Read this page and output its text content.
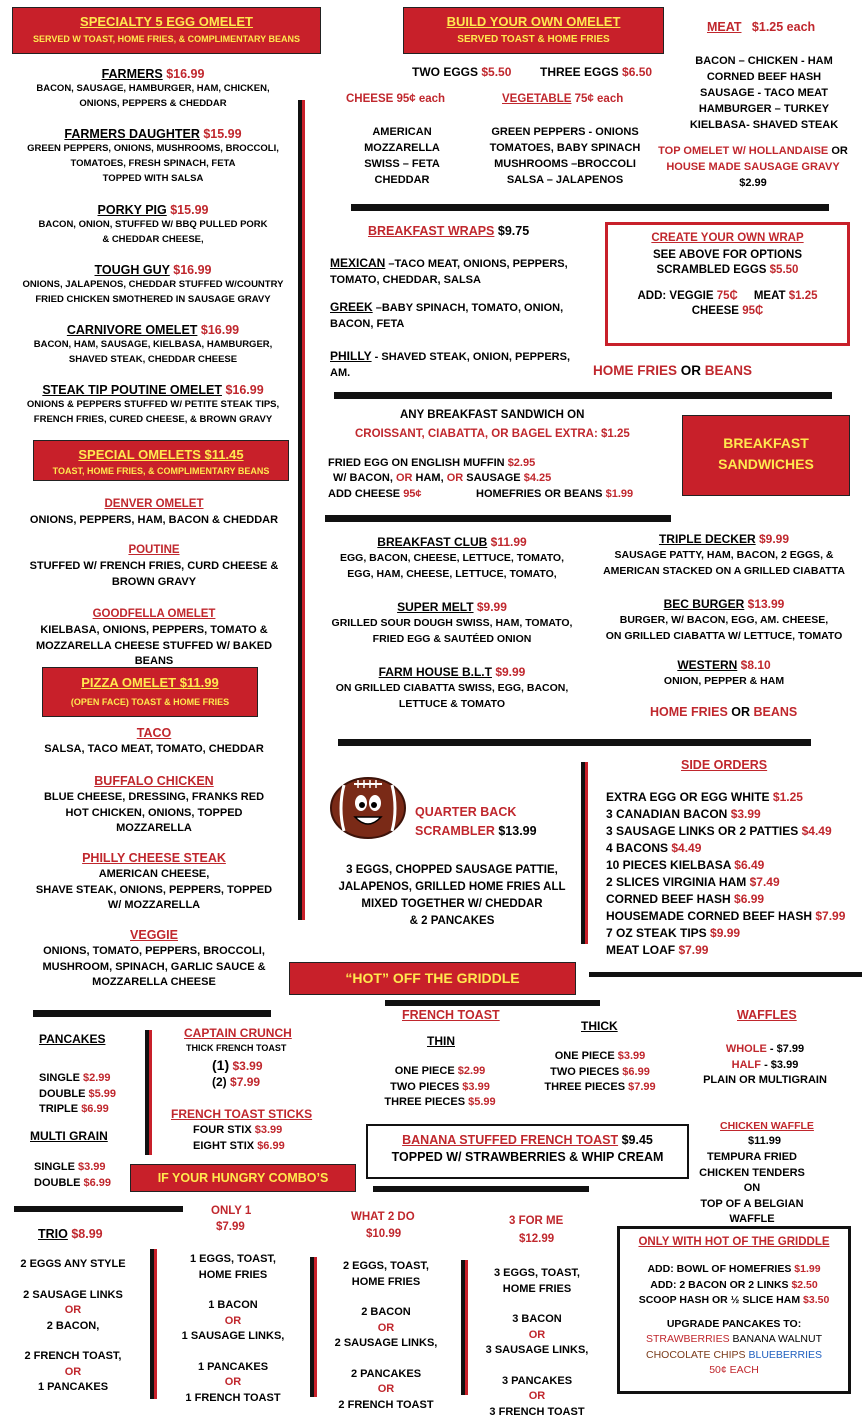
SPECIALTY 5 EGG OMELET
SERVED W TOAST, HOME FRIES, & COMPLIMENTARY BEANS
FARMERS $16.99
BACON, SAUSAGE, HAMBURGER, HAM, CHICKEN,
ONIONS, PEPPERS & CHEDDAR
FARMERS DAUGHTER $15.99
GREEN PEPPERS, ONIONS, MUSHROOMS, BROCCOLI,
TOMATOES, FRESH SPINACH, FETA
TOPPED WITH SALSA
PORKY PIG $15.99
BACON, ONION, STUFFED W/ BBQ PULLED PORK
& CHEDDAR CHEESE,
TOUGH GUY $16.99
ONIONS, JALAPENOS, CHEDDAR STUFFED W/COUNTRY
FRIED CHICKEN SMOTHERED IN SAUSAGE GRAVY
CARNIVORE OMELET $16.99
BACON, HAM, SAUSAGE, KIELBASA, HAMBURGER,
SHAVED STEAK, CHEDDAR CHEESE
STEAK TIP POUTINE OMELET $16.99
ONIONS & PEPPERS STUFFED W/ PETITE STEAK TIPS,
FRENCH FRIES, CURED CHEESE, & BROWN GRAVY
SPECIAL OMELETS $11.45
TOAST, HOME FRIES, & COMPLIMENTARY BEANS
DENVER OMELET
ONIONS, PEPPERS, HAM, BACON & CHEDDAR
POUTINE
STUFFED W/ FRENCH FRIES, CURD CHEESE &
BROWN GRAVY
GOODFELLA OMELET
KIELBASA, ONIONS, PEPPERS, TOMATO &
MOZZARELLA CHEESE STUFFED W/ BAKED BEANS
PIZZA OMELET $11.99
(OPEN FACE) TOAST & HOME FRIES
TACO
SALSA, TACO MEAT, TOMATO, CHEDDAR
BUFFALO CHICKEN
BLUE CHEESE, DRESSING, FRANKS RED
HOT CHICKEN, ONIONS, TOPPED
MOZZARELLA
PHILLY CHEESE STEAK
AMERICAN CHEESE,
SHAVE STEAK, ONIONS, PEPPERS, TOPPED
W/ MOZZARELLA
VEGGIE
ONIONS, TOMATO, PEPPERS, BROCCOLI,
MUSHROOM, SPINACH, GARLIC SAUCE &
MOZZARELLA CHEESE
BUILD YOUR OWN OMELET
SERVED TOAST & HOME FRIES
TWO EGGS $5.50 THREE EGGS $6.50
CHEESE 95¢ each	VEGETABLE 75¢ each
AMERICAN
MOZZARELLA
SWISS – FETA
CHEDDAR
GREEN PEPPERS - ONIONS
TOMATOES, BABY SPINACH
MUSHROOMS –BROCCOLI
SALSA – JALAPENOS
MEAT $1.25 each
BACON – CHICKEN - HAM
CORNED BEEF HASH
SAUSAGE - TACO MEAT
HAMBURGER – TURKEY
KIELBASA- SHAVED STEAK
TOP OMELET W/ HOLLANDAISE OR
HOUSE MADE SAUSAGE GRAVY
$2.99
BREAKFAST WRAPS $9.75
MEXICAN –TACO MEAT, ONIONS, PEPPERS,
TOMATO, CHEDDAR, SALSA
GREEK –BABY SPINACH, TOMATO, ONION,
BACON, FETA
PHILLY - SHAVED STEAK, ONION, PEPPERS,
AM.
CREATE YOUR OWN WRAP
SEE ABOVE FOR OPTIONS
SCRAMBLED EGGS $5.50
ADD: VEGGIE 75₵ MEAT $1.25
CHEESE 95₵
HOME FRIES OR BEANS
ANY BREAKFAST SANDWICH ON
CROISSANT, CIABATTA, OR BAGEL EXTRA: $1.25
BREAKFAST
SANDWICHES
FRIED EGG ON ENGLISH MUFFIN $2.95
W/ BACON, OR HAM, OR SAUSAGE $4.25
ADD CHEESE 95¢	HOMEFRIES OR BEANS $1.99
BREAKFAST CLUB $11.99
EGG, BACON, CHEESE, LETTUCE, TOMATO,
EGG, HAM, CHEESE, LETTUCE, TOMATO,
SUPER MELT $9.99
GRILLED SOUR DOUGH SWISS, HAM, TOMATO,
FRIED EGG & SAUTÉED ONION
FARM HOUSE B.L.T $9.99
ON GRILLED CIABATTA SWISS, EGG, BACON,
LETTUCE & TOMATO
TRIPLE DECKER $9.99
SAUSAGE PATTY, HAM, BACON, 2 EGGS, &
AMERICAN STACKED ON A GRILLED CIABATTA
BEC BURGER $13.99
BURGER, W/ BACON, EGG, AM. CHEESE,
ON GRILLED CIABATTA W/ LETTUCE, TOMATO
WESTERN $8.10
ONION, PEPPER & HAM
HOME FRIES OR BEANS
QUARTER BACK
SCRAMBLER $13.99
3 EGGS, CHOPPED SAUSAGE PATTIE,
JALAPENOS, GRILLED HOME FRIES ALL
MIXED TOGETHER W/ CHEDDAR
& 2 PANCAKES
SIDE ORDERS
EXTRA EGG OR EGG WHITE $1.25
3 CANADIAN BACON $3.99
3 SAUSAGE LINKS OR 2 PATTIES $4.49
4 BACONS $4.49
10 PIECES KIELBASA $6.49
2 SLICES VIRGINIA HAM $7.49
CORNED BEEF HASH $6.99
HOUSEMADE CORNED BEEF HASH $7.99
7 OZ STEAK TIPS $9.99
MEAT LOAF $7.99
“HOT” OFF THE GRIDDLE
PANCAKES
SINGLE $2.99
DOUBLE $5.99
TRIPLE $6.99
MULTI GRAIN
SINGLE $3.99
DOUBLE $6.99
CAPTAIN CRUNCH
THICK FRENCH TOAST
(1) $3.99
(2) $7.99
FRENCH TOAST STICKS
FOUR STIX $3.99
EIGHT STIX $6.99
FRENCH TOAST
THIN
THICK
ONE PIECE $2.99
TWO PIECES $3.99
THREE PIECES $5.99
ONE PIECE $3.99
TWO PIECES $6.99
THREE PIECES $7.99
BANANA STUFFED FRENCH TOAST $9.45
TOPPED W/ STRAWBERRIES & WHIP CREAM
WAFFLES
WHOLE - $7.99
HALF - $3.99
PLAIN OR MULTIGRAIN
CHICKEN WAFFLE
$11.99
TEMPURA FRIED
CHICKEN TENDERS ON
TOP OF A BELGIAN
WAFFLE
IF YOUR HUNGRY COMBO’S
TRIO $8.99
2 EGGS ANY STYLE
2 SAUSAGE LINKS
OR
2 BACON,
2 FRENCH TOAST,
OR
1 PANCAKES
ONLY 1
$7.99
1 EGGS, TOAST,
HOME FRIES
1 BACON
OR
1 SAUSAGE LINKS,
1 PANCAKES
OR
1 FRENCH TOAST
WHAT 2 DO
$10.99
2 EGGS, TOAST,
HOME FRIES
2 BACON
OR
2 SAUSAGE LINKS,
2 PANCAKES
OR
2 FRENCH TOAST
3 FOR ME
$12.99
3 EGGS, TOAST,
HOME FRIES
3 BACON
OR
3 SAUSAGE LINKS,
3 PANCAKES
OR
3 FRENCH TOAST
ONLY WITH HOT OF THE GRIDDLE
ADD: BOWL OF HOMEFRIES $1.99
ADD: 2 BACON OR 2 LINKS $2.50
SCOOP HASH OR ½ SLICE HAM $3.50
UPGRADE PANCAKES TO:
STRAWBERRIES BANANA WALNUT
CHOCOLATE CHIPS BLUEBERRIES
50¢ EACH
